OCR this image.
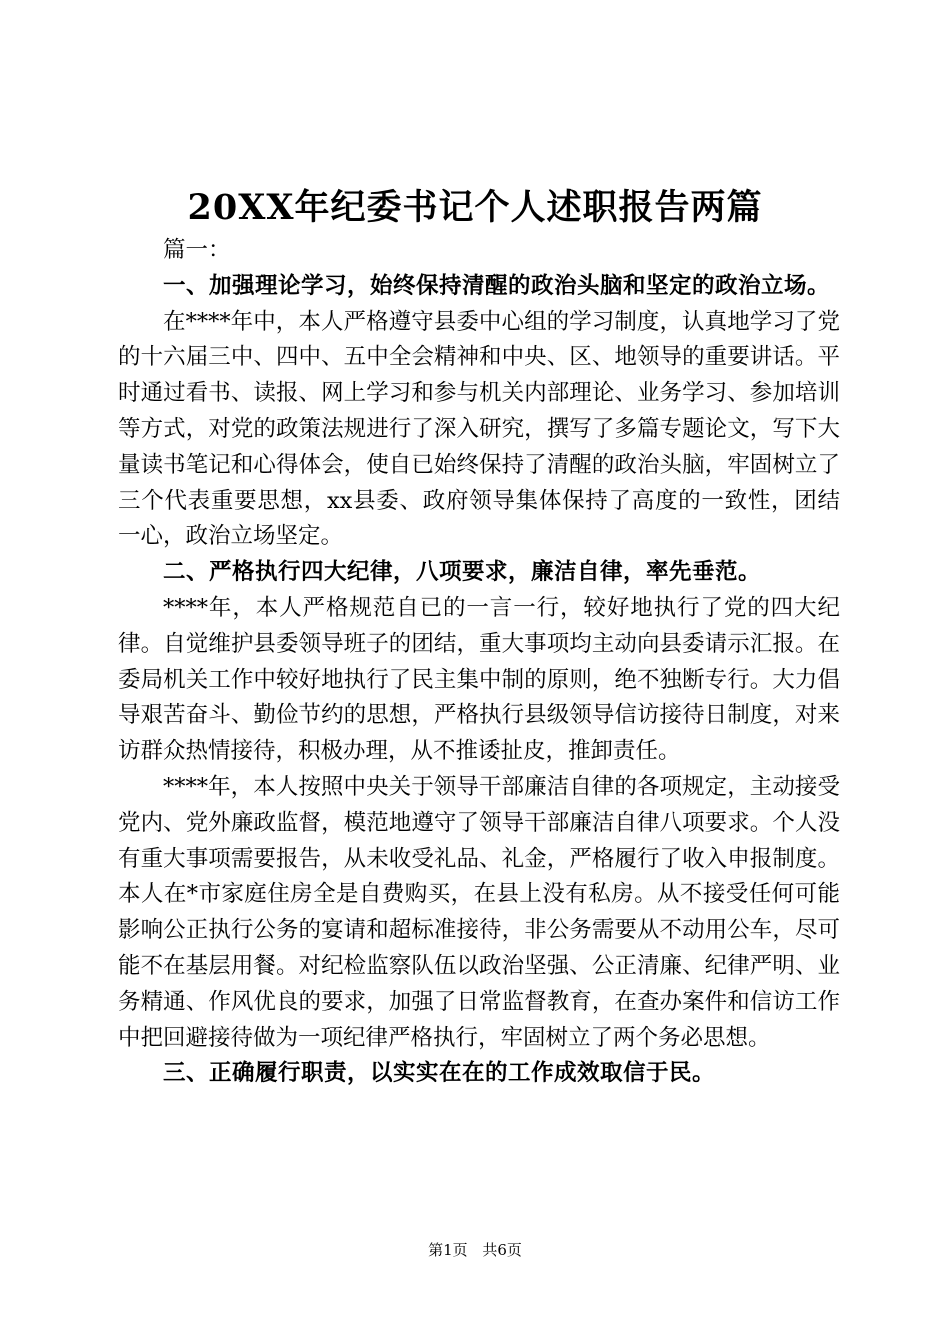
20XX年纪委书记个人述职报告两篇

篇一：

一、加强理论学习，始终保持清醒的政治头脑和坚定的政治立场。

在****年中，本人严格遵守县委中心组的学习制度，认真地学习了党的十六届三中、四中、五中全会精神和中央、区、地领导的重要讲话。平时通过看书、读报、网上学习和参与机关内部理论、业务学习、参加培训等方式，对党的政策法规进行了深入研究，撰写了多篇专题论文，写下大量读书笔记和心得体会，使自已始终保持了清醒的政治头脑，牢固树立了三个代表重要思想，xx县委、政府领导集体保持了高度的一致性，团结一心，政治立场坚定。

二、严格执行四大纪律，八项要求，廉洁自律，率先垂范。

****年，本人严格规范自已的一言一行，较好地执行了党的四大纪律。自觉维护县委领导班子的团结，重大事项均主动向县委请示汇报。在委局机关工作中较好地执行了民主集中制的原则，绝不独断专行。大力倡导艰苦奋斗、勤俭节约的思想，严格执行县级领导信访接待日制度，对来访群众热情接待，积极办理，从不推诿扯皮，推卸责任。

****年，本人按照中央关于领导干部廉洁自律的各项规定，主动接受党内、党外廉政监督，模范地遵守了领导干部廉洁自律八项要求。个人没有重大事项需要报告，从未收受礼品、礼金，严格履行了收入申报制度。本人在*市家庭住房全是自费购买，在县上没有私房。从不接受任何可能影响公正执行公务的宴请和超标准接待，非公务需要从不动用公车，尽可能不在基层用餐。对纪检监察队伍以政治坚强、公正清廉、纪律严明、业务精通、作风优良的要求，加强了日常监督教育，在查办案件和信访工作中把回避接待做为一项纪律严格执行，牢固树立了两个务必思想。

三、正确履行职责，以实实在在的工作成效取信于民。

第1页 共6页
